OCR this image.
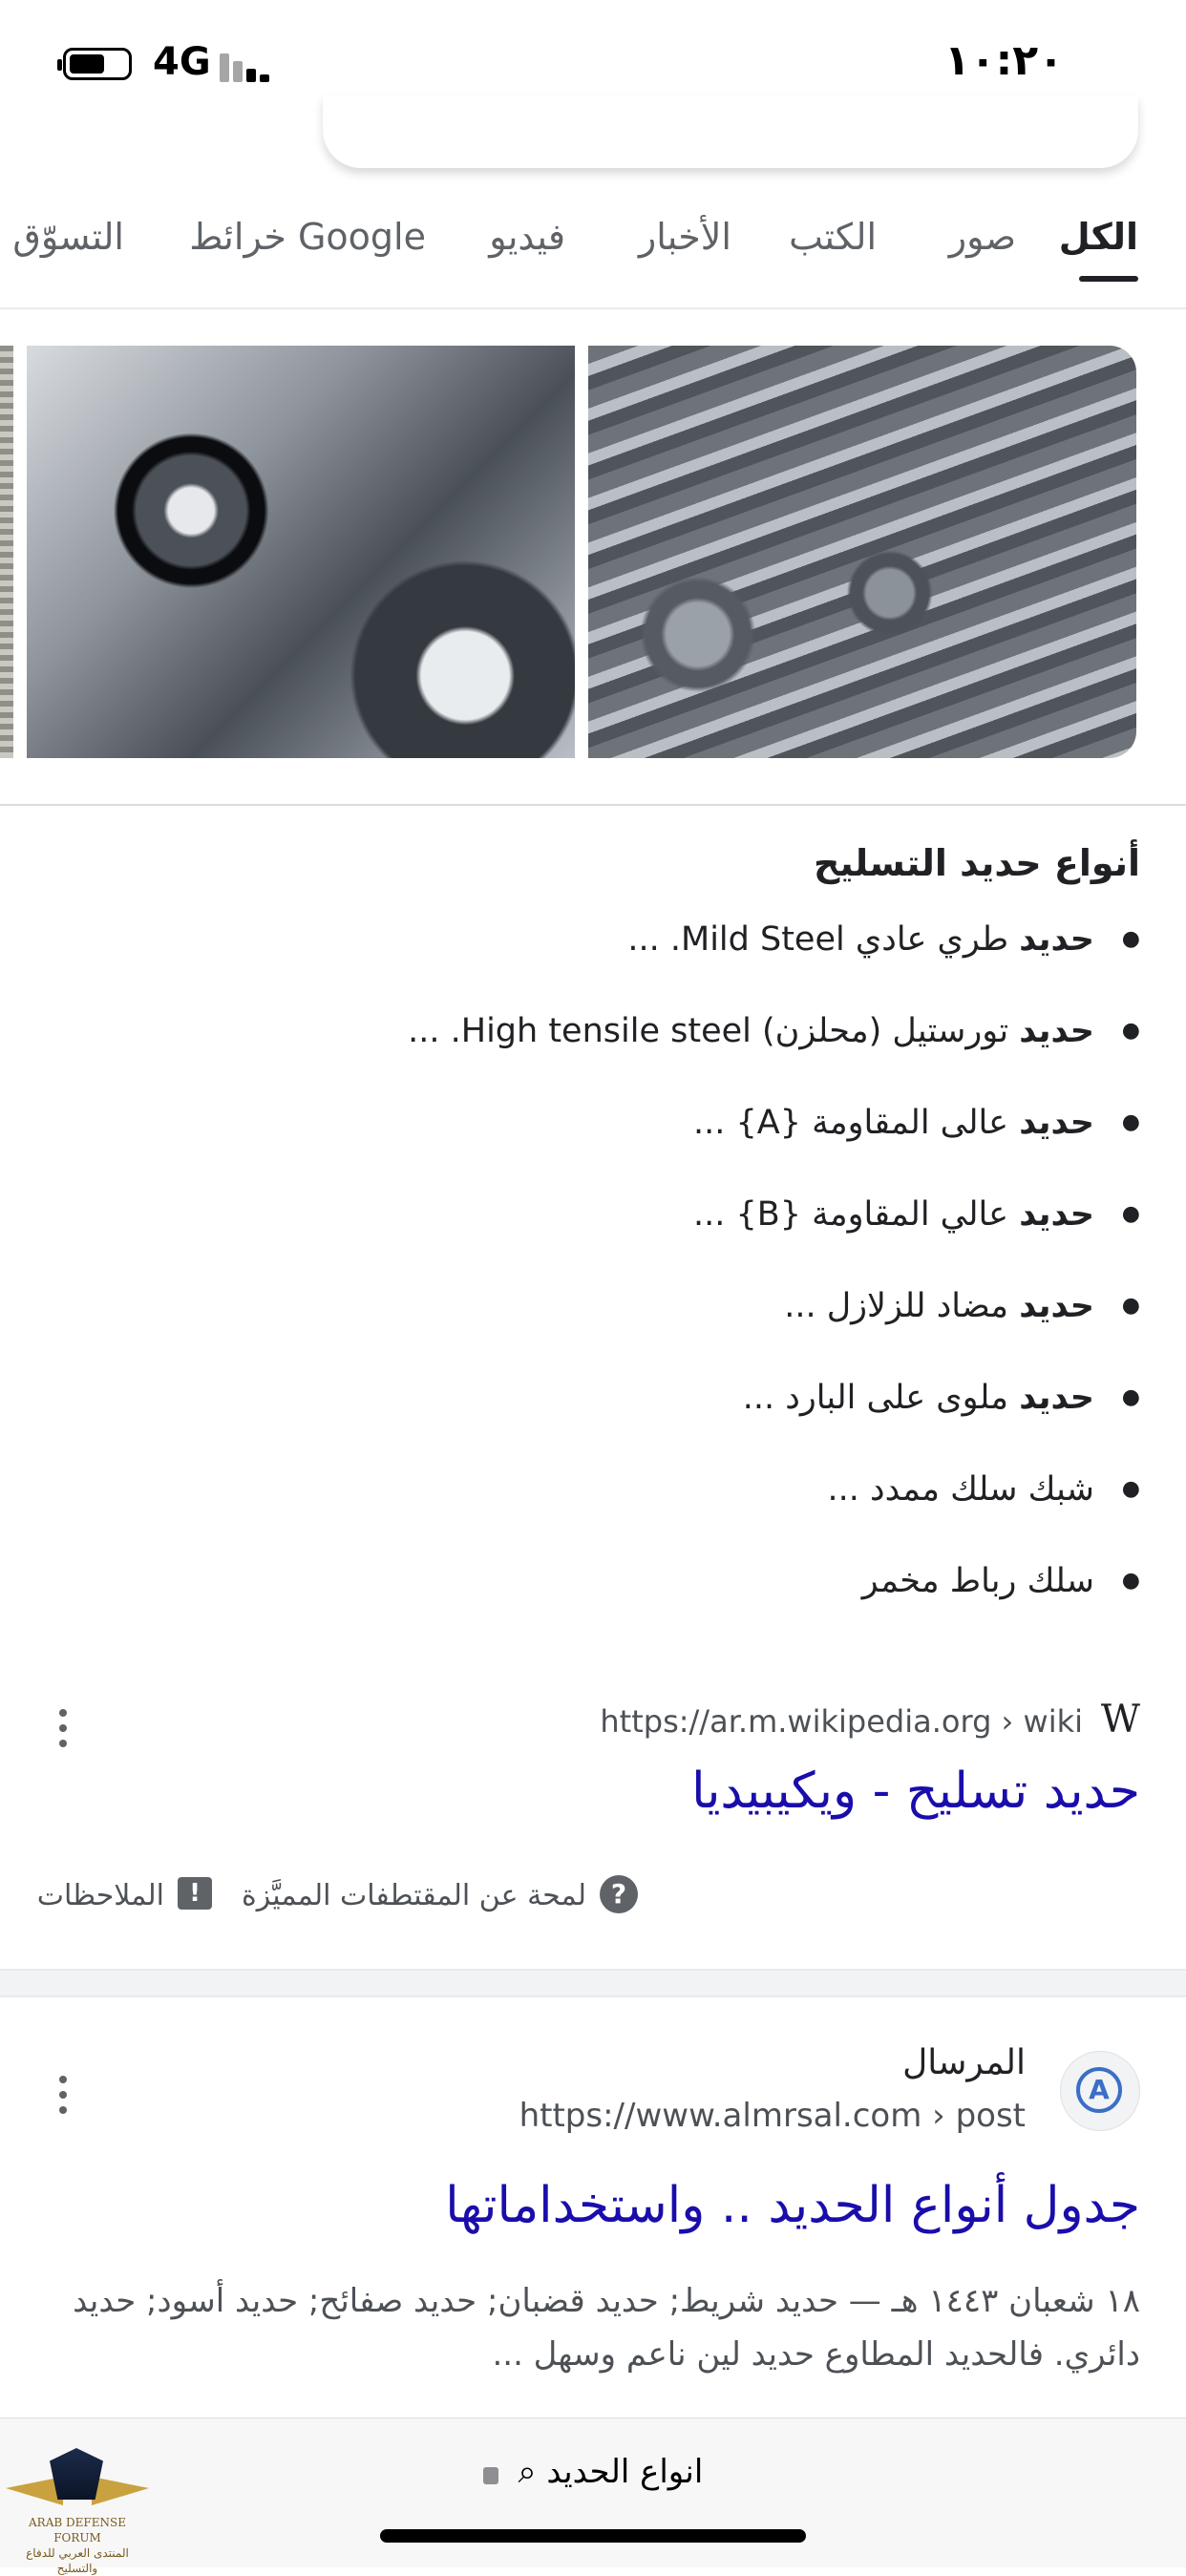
4G	١٠:٢٠
الكل
صور
الكتب
الأخبار
فيديو
خرائط Google
التسوّق
أنواع حديد التسليح
● حديد طري عادي Mild Steel. ...
● حديد تورستيل (محلزن) High tensile steel. ...
● حديد عالى المقاومة {A} ...
● حديد عالي المقاومة {B} ...
● حديد مضاد للزلازل ...
● حديد ملوى على البارد ...
● شبك سلك ممدد ...
● سلك رباط مخمر
W
https://ar.m.wikipedia.org › wiki
حديد تسليح - ويكيبيديا
?
لمحة عن المقتطفات المميَّزة
!
الملاحظات
A
المرسال
https://www.almrsal.com › post
جدول أنواع الحديد .. واستخداماتها
١٨ شعبان ١٤٤٣ هـ — حديد شريط; حديد قضبان; حديد صفائح; حديد أسود; حديد دائري. فالحديد المطاوع حديد لين ناعم وسهل ...
انواع الحديد ⌕
ARAB DEFENSE FORUM
المنتدى العربي للدفاع والتسليح
